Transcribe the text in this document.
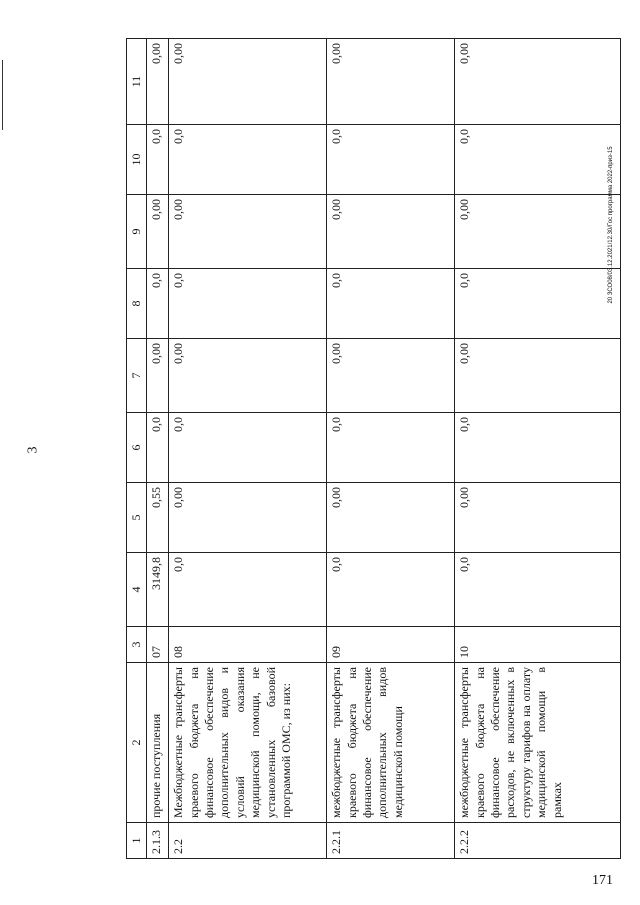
3
20 ЗСО08/03.12.2021/12.30/Гос программа 2022-приз-15
1	2	3	4	5	6	7	8	9	10	11
2.1.3	прочие поступления	07	3149,8	0,55	0,0	0,00	0,0	0,00	0,0	0,00
2.2	Межбюджетные трансферты краевого бюджета на финансовое обеспечение дополнительных видов и условий оказания медицинской помощи, не установленных базовой программой ОМС, из них:	08	0,0	0,00	0,0	0,00	0,0	0,00	0,0	0,00
2.2.1	межбюджетные трансферты краевого бюджета на финансовое обеспечение дополнительных видов медицинской помощи	09	0,0	0,00	0,0	0,00	0,0	0,00	0,0	0,00
2.2.2	межбюджетные трансферты краевого бюджета на финансовое обеспечение расходов, не включенных в структуру тарифов на оплату медицинской помощи в рамках	10	0,0	0,00	0,0	0,00	0,0	0,00	0,0	0,00
171
